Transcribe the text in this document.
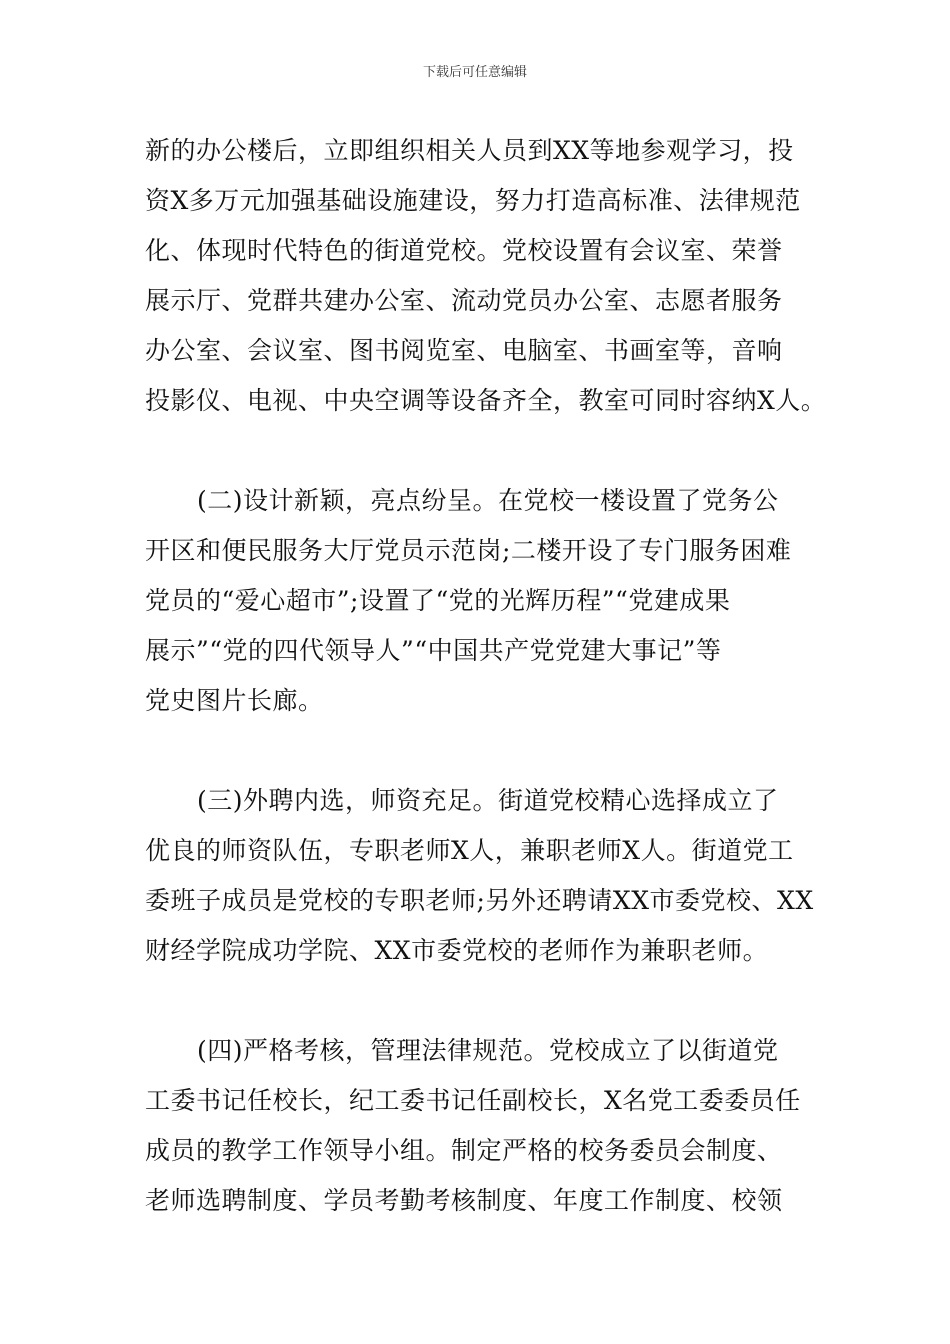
下载后可任意编辑
新的办公楼后，立即组织相关人员到XX等地参观学习，投
资X多万元加强基础设施建设，努力打造高标准、法律规范
化、体现时代特色的街道党校。党校设置有会议室、荣誉
展示厅、党群共建办公室、流动党员办公室、志愿者服务
办公室、会议室、图书阅览室、电脑室、书画室等，音响
投影仪、电视、中央空调等设备齐全，教室可同时容纳X人。
(二)设计新颖，亮点纷呈。在党校一楼设置了党务公
开区和便民服务大厅党员示范岗;二楼开设了专门服务困难
党员的“爱心超市”;设置了“党的光辉历程”“党建成果
展示”“党的四代领导人”“中国共产党党建大事记”等
党史图片长廊。
(三)外聘内选，师资充足。街道党校精心选择成立了
优良的师资队伍，专职老师X人，兼职老师X人。街道党工
委班子成员是党校的专职老师;另外还聘请XX市委党校、XX
财经学院成功学院、XX市委党校的老师作为兼职老师。
(四)严格考核，管理法律规范。党校成立了以街道党
工委书记任校长，纪工委书记任副校长，X名党工委委员任
成员的教学工作领导小组。制定严格的校务委员会制度、
老师选聘制度、学员考勤考核制度、年度工作制度、校领
